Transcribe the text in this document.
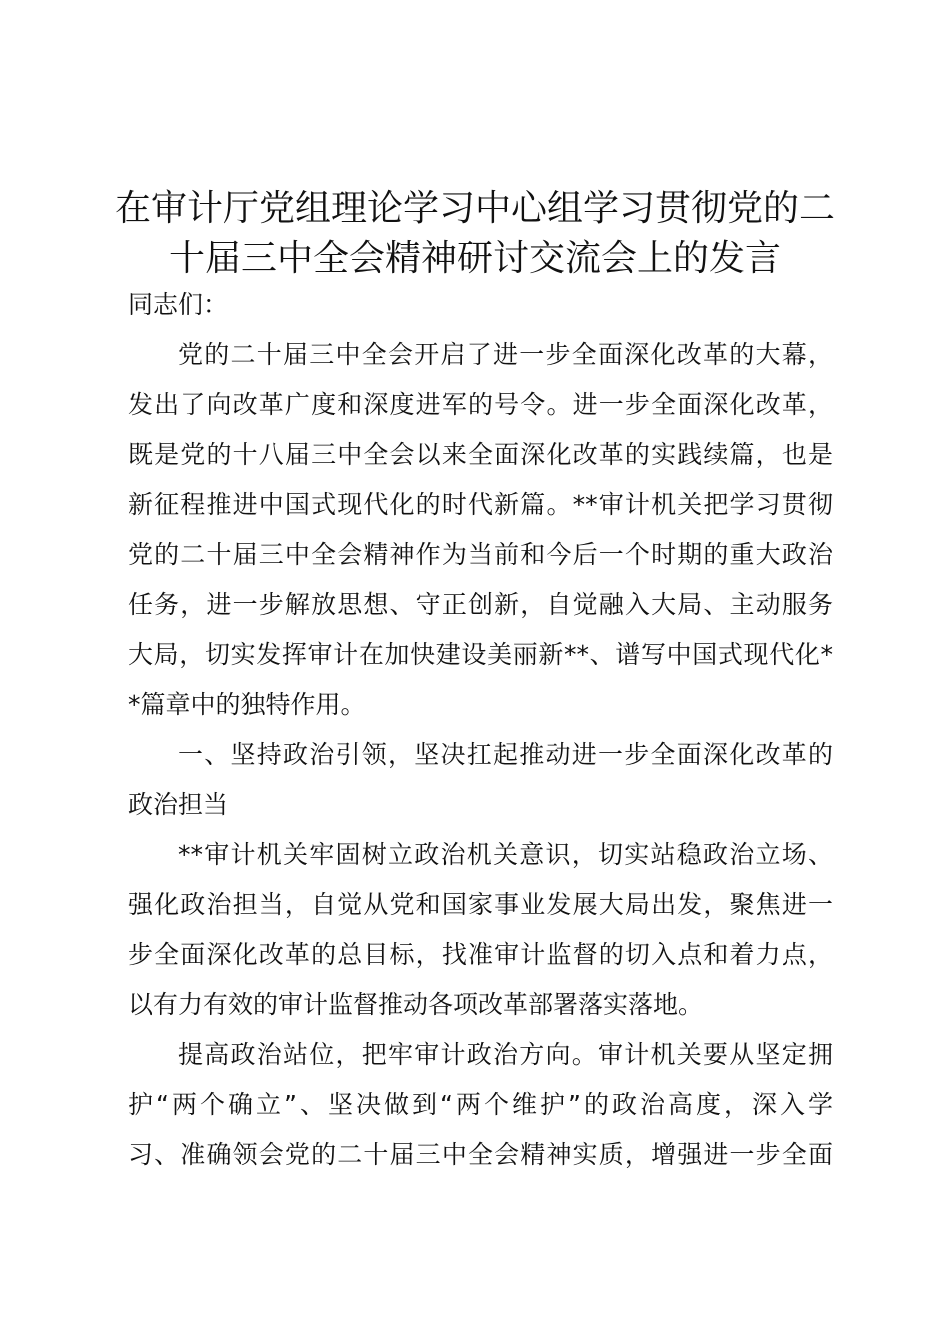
在审计厅党组理论学习中心组学习贯彻党的二
十届三中全会精神研讨交流会上的发言
同志们：
党的二十届三中全会开启了进一步全面深化改革的大幕，
发出了向改革广度和深度进军的号令。进一步全面深化改革，
既是党的十八届三中全会以来全面深化改革的实践续篇，也是
新征程推进中国式现代化的时代新篇。**审计机关把学习贯彻
党的二十届三中全会精神作为当前和今后一个时期的重大政治
任务，进一步解放思想、守正创新，自觉融入大局、主动服务
大局，切实发挥审计在加快建设美丽新**、谱写中国式现代化*
*篇章中的独特作用。
一、坚持政治引领，坚决扛起推动进一步全面深化改革的
政治担当
**审计机关牢固树立政治机关意识，切实站稳政治立场、
强化政治担当，自觉从党和国家事业发展大局出发，聚焦进一
步全面深化改革的总目标，找准审计监督的切入点和着力点，
以有力有效的审计监督推动各项改革部署落实落地。
提高政治站位，把牢审计政治方向。审计机关要从坚定拥
护“两个确立”、坚决做到“两个维护”的政治高度，深入学
习、准确领会党的二十届三中全会精神实质，增强进一步全面
